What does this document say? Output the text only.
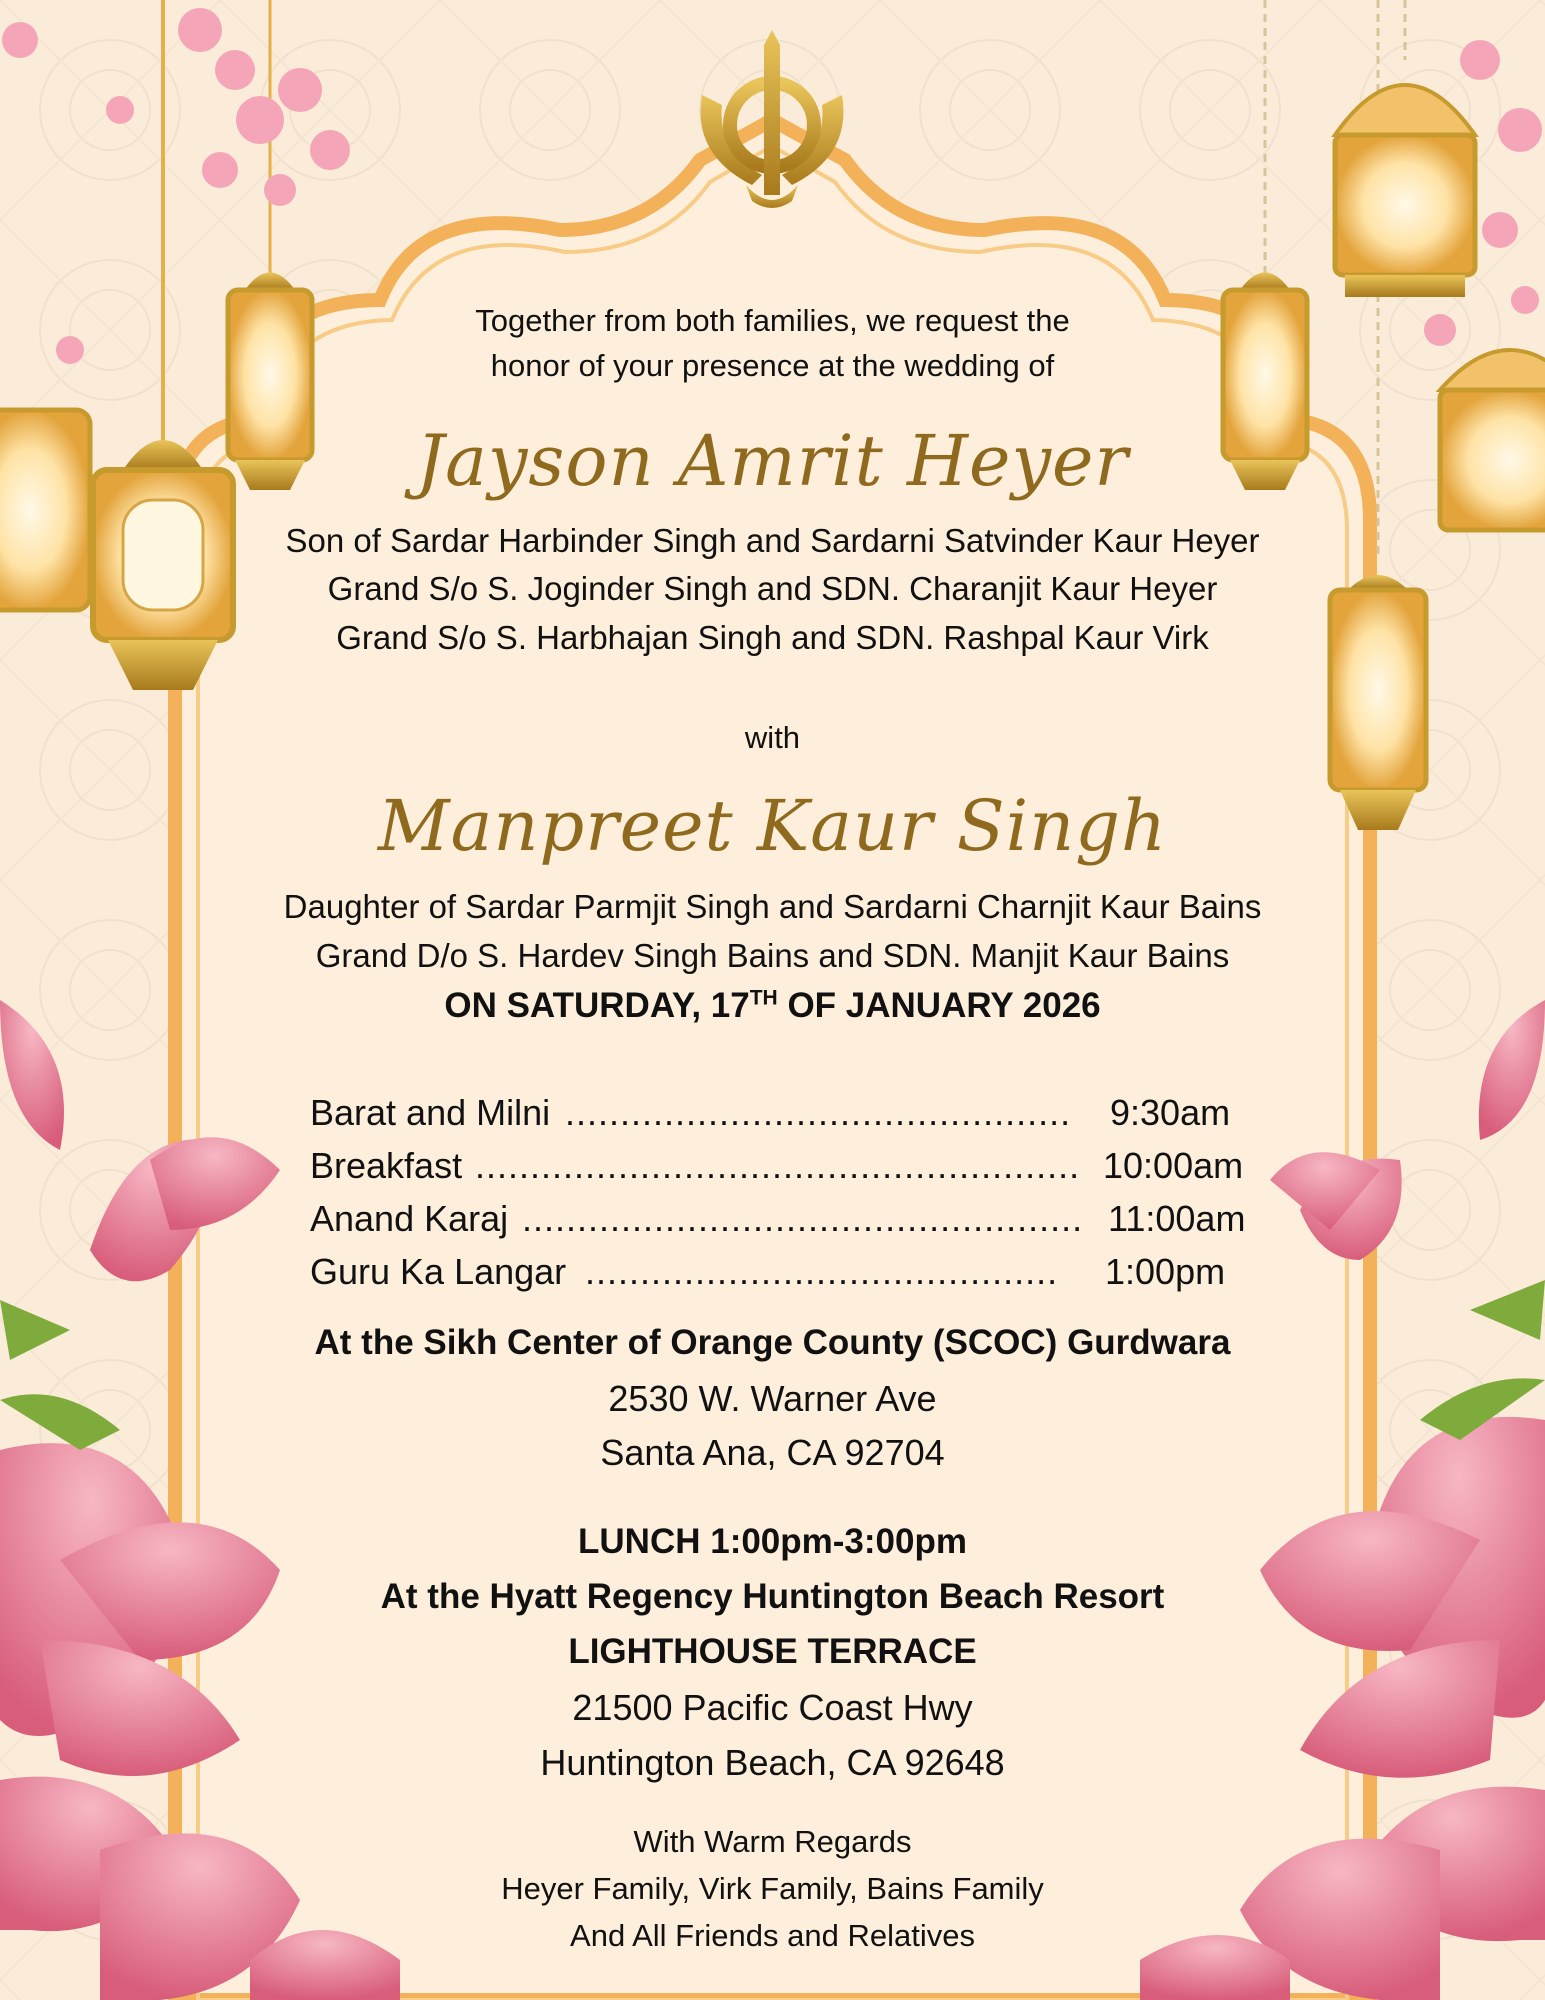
Together from both families, we request the
honor of your presence at the wedding of
Jayson Amrit Heyer
Son of Sardar Harbinder Singh and Sardarni Satvinder Kaur Heyer
Grand S/o S. Joginder Singh and SDN. Charanjit Kaur Heyer
Grand S/o S. Harbhajan Singh and SDN. Rashpal Kaur Virk
with
Manpreet Kaur Singh
Daughter of Sardar Parmjit Singh and Sardarni Charnjit Kaur Bains
Grand D/o S. Hardev Singh Bains and SDN. Manjit Kaur Bains
ON SATURDAY, 17TH OF JANUARY 2026
Barat and Milni .............................................. 9:30am
Breakfast ....................................................... 10:00am
Anand Karaj ................................................... 11:00am
Guru Ka Langar ........................................... 1:00pm
At the Sikh Center of Orange County (SCOC) Gurdwara
2530 W. Warner Ave
Santa Ana, CA 92704
LUNCH 1:00pm-3:00pm
At the Hyatt Regency Huntington Beach Resort
LIGHTHOUSE TERRACE
21500 Pacific Coast Hwy
Huntington Beach, CA 92648
With Warm Regards
Heyer Family, Virk Family, Bains Family
And All Friends and Relatives
